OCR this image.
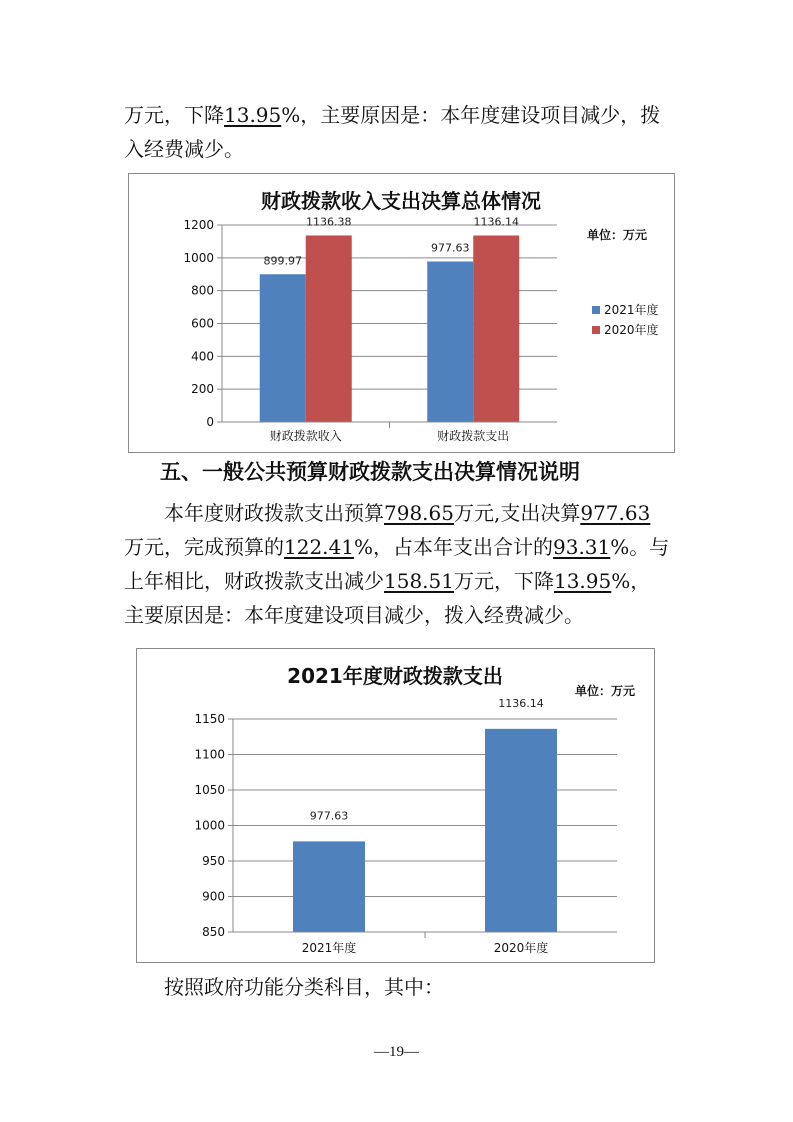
万元，下降13.95%，主要原因是：本年度建设项目减少，拨
入经费减少。

财政拨款收入支出决算总体情况
单位：万元
0
200
400
600
800
1000
1200
财政拨款收入
899.97
1136.38
财政拨款支出
977.63
1136.14
2021年度
2020年度
五、一般公共预算财政拨款支出决算情况说明

本年度财政拨款支出预算798.65万元,支出决算977.63
万元，完成预算的122.41%，占本年支出合计的93.31%。与
上年相比，财政拨款支出减少158.51万元，下降13.95%，
主要原因是：本年度建设项目减少，拨入经费减少。

2021年度财政拨款支出
单位：万元
850
900
950
1000
1050
1100
1150
977.63
2021年度
1136.14
2020年度

按照政府功能分类科目，其中：

—19—
